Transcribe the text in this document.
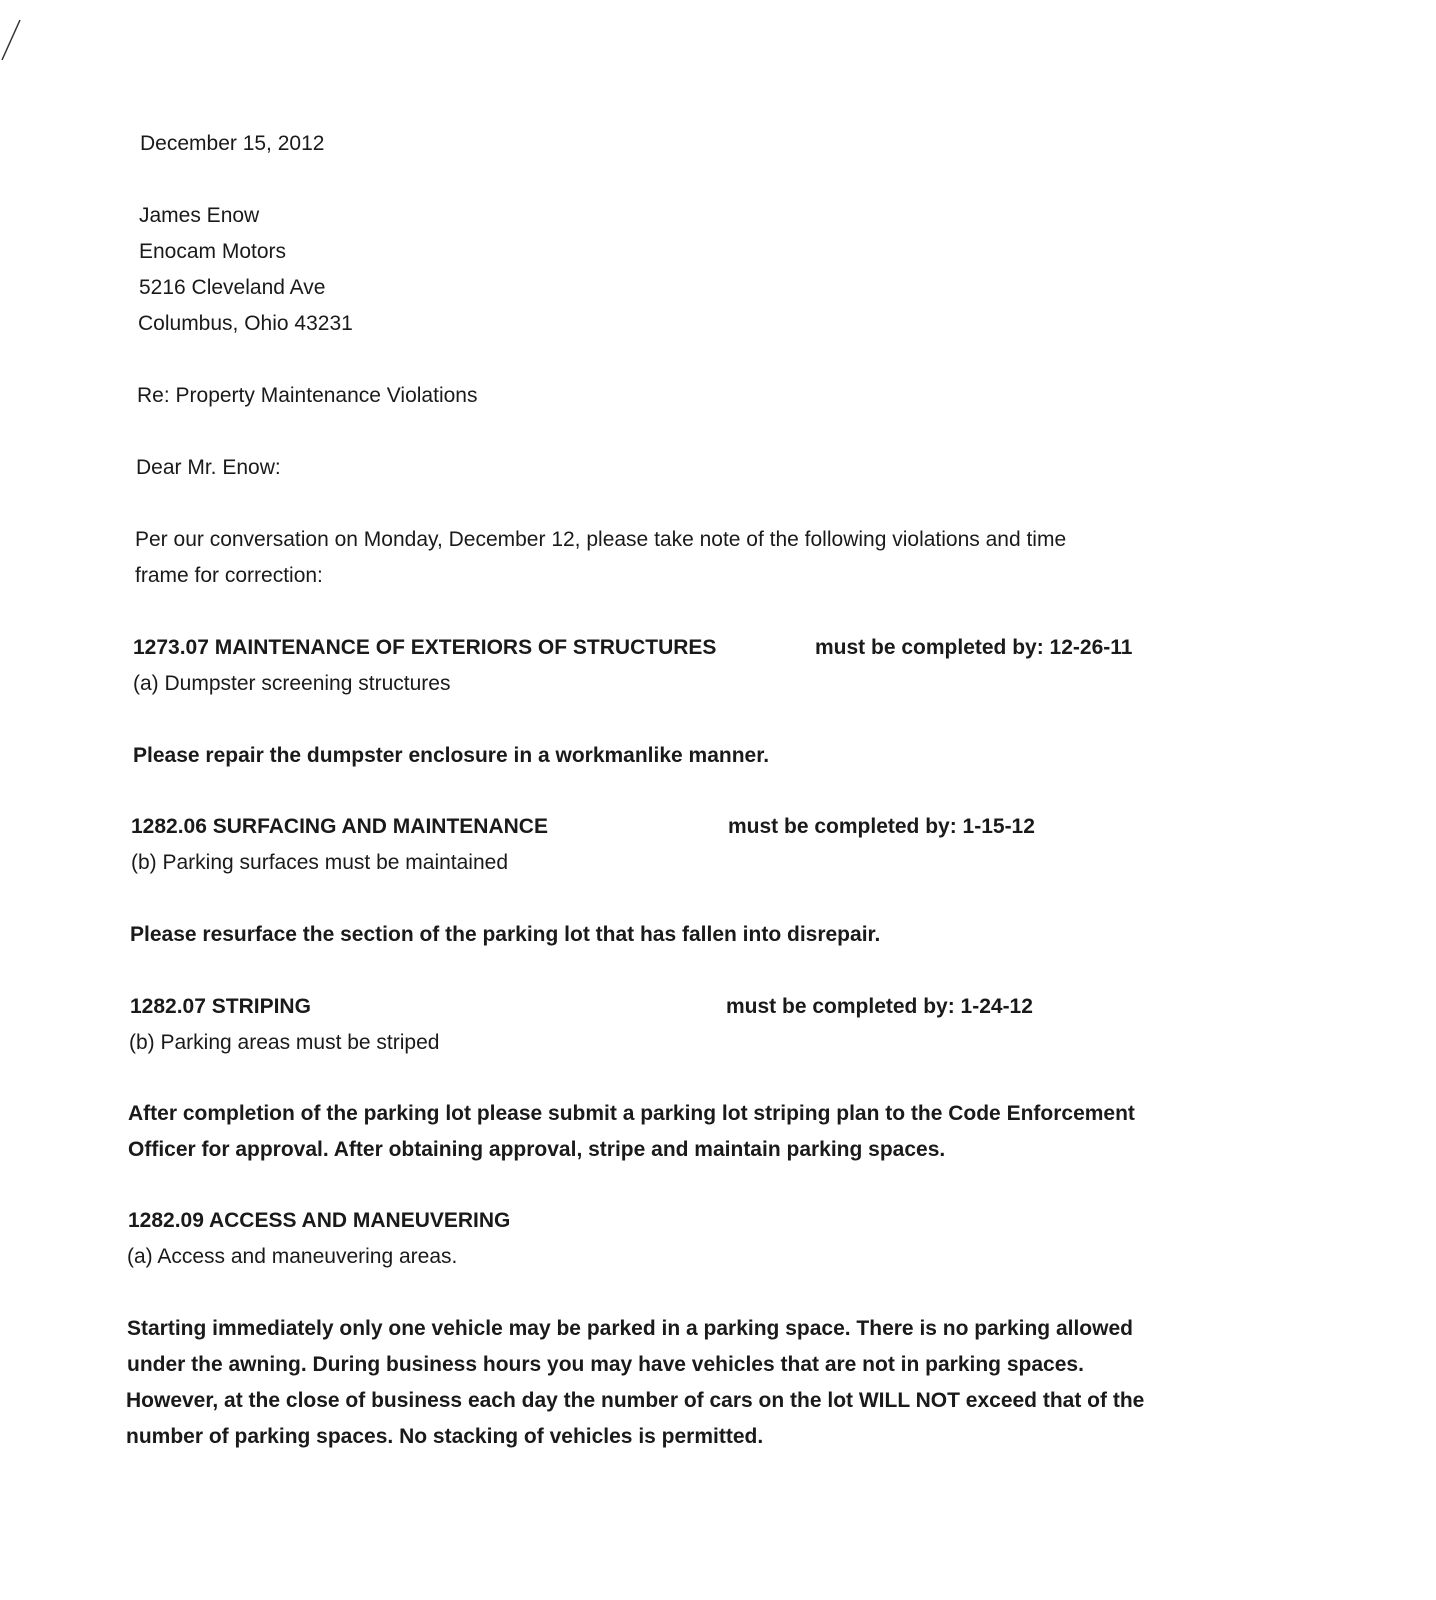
December 15, 2012
James Enow
Enocam Motors
5216 Cleveland Ave
Columbus, Ohio 43231
Re: Property Maintenance Violations
Dear Mr. Enow:
Per our conversation on Monday, December 12, please take note of the following violations and time
frame for correction:
1273.07 MAINTENANCE OF EXTERIORS OF STRUCTURES	must be completed by: 12-26-11
(a) Dumpster screening structures
Please repair the dumpster enclosure in a workmanlike manner.
1282.06 SURFACING AND MAINTENANCE	must be completed by: 1-15-12
(b) Parking surfaces must be maintained
Please resurface the section of the parking lot that has fallen into disrepair.
1282.07 STRIPING	must be completed by: 1-24-12
(b) Parking areas must be striped
After completion of the parking lot please submit a parking lot striping plan to the Code Enforcement
Officer for approval. After obtaining approval, stripe and maintain parking spaces.
1282.09 ACCESS AND MANEUVERING
(a) Access and maneuvering areas.
Starting immediately only one vehicle may be parked in a parking space. There is no parking allowed
under the awning. During business hours you may have vehicles that are not in parking spaces.
However, at the close of business each day the number of cars on the lot WILL NOT exceed that of the
number of parking spaces. No stacking of vehicles is permitted.
